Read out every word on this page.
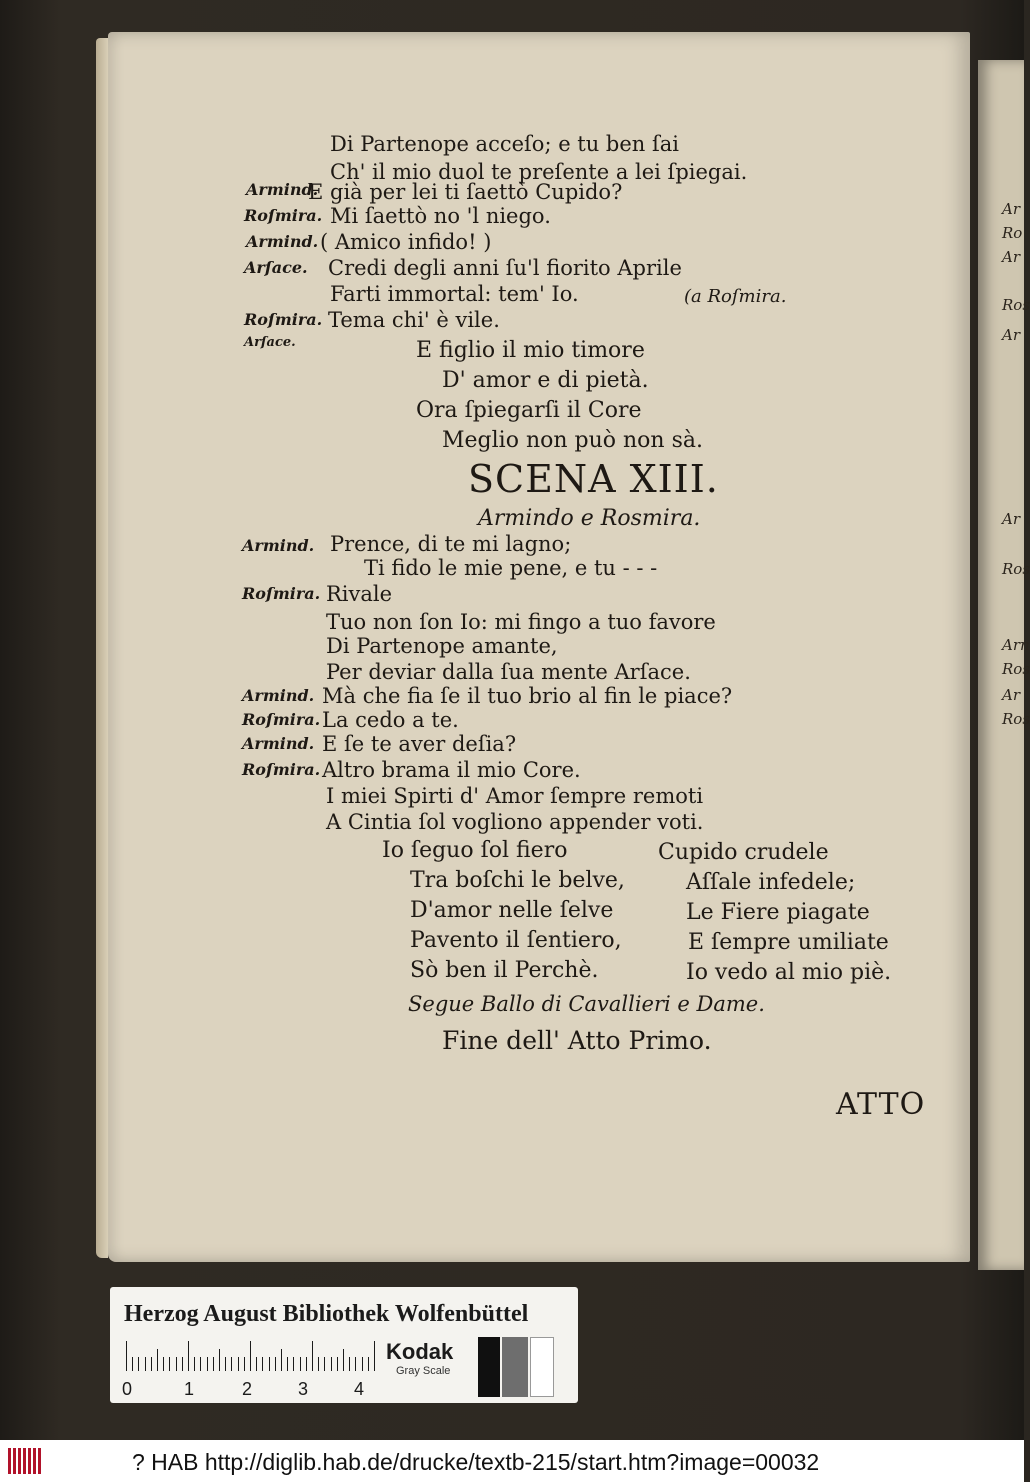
Di Partenope acceſo; e tu ben ſai
Ch' il mio duol te preſente a lei ſpiegai.
Armind.
E già per lei ti ſaettò Cupido?
Roſmira. Mi ſaettò no 'l niego.
Armind. ( Amico infido! )
Arſace. Credi degli anni ſu'l fiorito Aprile
Farti immortal: tem' Io.	(a Roſmira.
Roſmira. Tema chi' è vile.
Arſace.	E figlio il mio timore
D' amor e di pietà.
Ora ſpiegarſi il Core
Meglio non può non sà.
SCENA XIII.
Armindo e Rosmira.
Armind. Prence, di te mi lagno;
Ti fido le mie pene, e tu - - -
Roſmira. Rivale
Tuo non ſon Io: mi fingo a tuo favore
Di Partenope amante,
Per deviar dalla ſua mente Arſace.
Armind. Mà che fia ſe il tuo brio al fin le piace?
Roſmira. La cedo a te.
Armind. E ſe te aver deſia?
Roſmira. Altro brama il mio Core.
I miei Spirti d' Amor ſempre remoti
A Cintia ſol vogliono appender voti.
Io ſeguo ſol fiero
Tra boſchi le belve,
D'amor nelle ſelve
Pavento il ſentiero,
Sò ben il Perchè.
Cupido crudele
Aſſale infedele;
Le Fiere piagate
E ſempre umiliate
Io vedo al mio piè.
Segue Ballo di Cavallieri e Dame.
Fine dell' Atto Primo.
ATTO
Ar
Ro
Ar
Ros
Ar
Ar
Ros
Arn
Ros
Ar
Ros
Herzog August Bibliothek Wolfenbüttel
0	1	2	3	4
Kodak
Gray Scale
? HAB http://diglib.hab.de/drucke/textb-215/start.htm?image=00032
